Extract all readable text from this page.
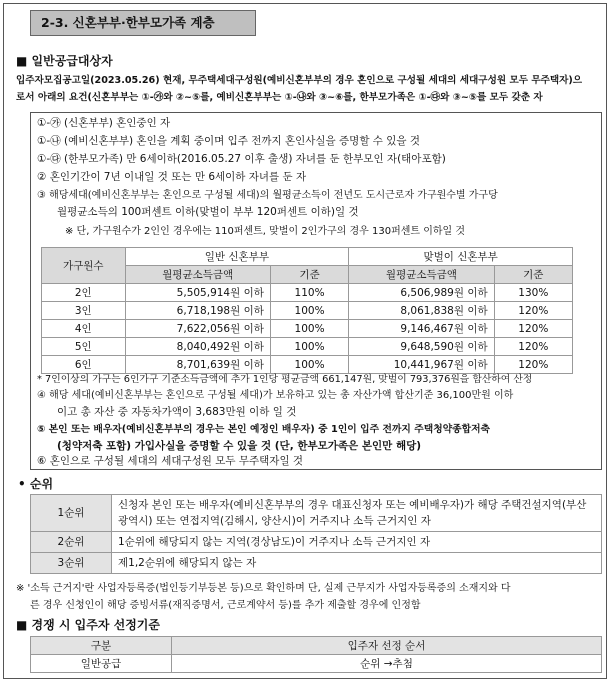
2-3. 신혼부부·한부모가족 계층
■ 일반공급대상자
입주자모집공고일(2023.05.26) 현재, 무주택세대구성원(예비신혼부부의 경우 혼인으로 구성될 세대의 세대구성원 모두 무주택자)으
로서 아래의 요건(신혼부부는 ①-㉮와 ②~⑤를, 예비신혼부부는 ①-㉯와 ③~⑥를, 한부모가족은 ①-㉰와 ③~⑤를 모두 갖춘 자
①-㉮ (신혼부부) 혼인중인 자
①-㉯ (예비신혼부부) 혼인을 계획 중이며 입주 전까지 혼인사실을 증명할 수 있을 것
①-㉰ (한부모가족) 만 6세이하(2016.05.27 이후 출생) 자녀를 둔 한부모인 자(태아포함)
② 혼인기간이 7년 이내일 것 또는 만 6세이하 자녀를 둔 자
③ 해당세대(예비신혼부부는 혼인으로 구성될 세대)의 월평균소득이 전년도 도시근로자 가구원수별 가구당
월평균소득의 100퍼센트 이하(맞벌이 부부 120퍼센트 이하)일 것
※ 단, 가구원수가 2인인 경우에는 110퍼센트, 맞벌이 2인가구의 경우 130퍼센트 이하일 것
가구원수	일반 신혼부부		맞벌이 신혼부부	
	월평균소득금액	기준	월평균소득금액	기준
2인	5,505,914원 이하	110%	6,506,989원 이하	130%
3인	6,718,198원 이하	100%	8,061,838원 이하	120%
4인	7,622,056원 이하	100%	9,146,467원 이하	120%
5인	8,040,492원 이하	100%	9,648,590원 이하	120%
6인	8,701,639원 이하	100%	10,441,967원 이하	120%
* 7인이상의 가구는 6인가구 기준소득금액에 추가 1인당 평균금액 661,147원, 맞벌이 793,376원을 합산하여 산정
④ 해당 세대(예비신혼부부는 혼인으로 구성될 세대)가 보유하고 있는 총 자산가액 합산기준 36,100만원 이하
이고 총 자산 중 자동차가액이 3,683만원 이하 일 것
⑤ 본인 또는 배우자(예비신혼부부의 경우는 본인 예정인 배우자) 중 1인이 입주 전까지 주택청약종합저축
(청약저축 포함) 가입사실을 증명할 수 있을 것 (단, 한부모가족은 본인만 해당)
⑥ 혼인으로 구성될 세대의 세대구성원 모두 무주택자일 것
• 순위
1순위	신청자 본인 또는 배우자(예비신혼부부의 경우 대표신청자 또는 예비배우자)가 해당 주택건설지역(부산광역시) 또는 연접지역(김해시, 양산시)이 거주지나 소득 근거지인 자
2순위	1순위에 해당되지 않는 지역(경상남도)이 거주지나 소득 근거지인 자
3순위	제1,2순위에 해당되지 않는 자
※ '소득 근거지'란 사업자등록증(법인등기부등본 등)으로 확인하며 단, 실제 근무지가 사업자등록증의 소재지와 다
른 경우 신청인이 해당 증빙서류(재직증명서, 근로계약서 등)를 추가 제출할 경우에 인정함
■ 경쟁 시 입주자 선정기준
구분	입주자 선정 순서
일반공급	순위 →추첨
